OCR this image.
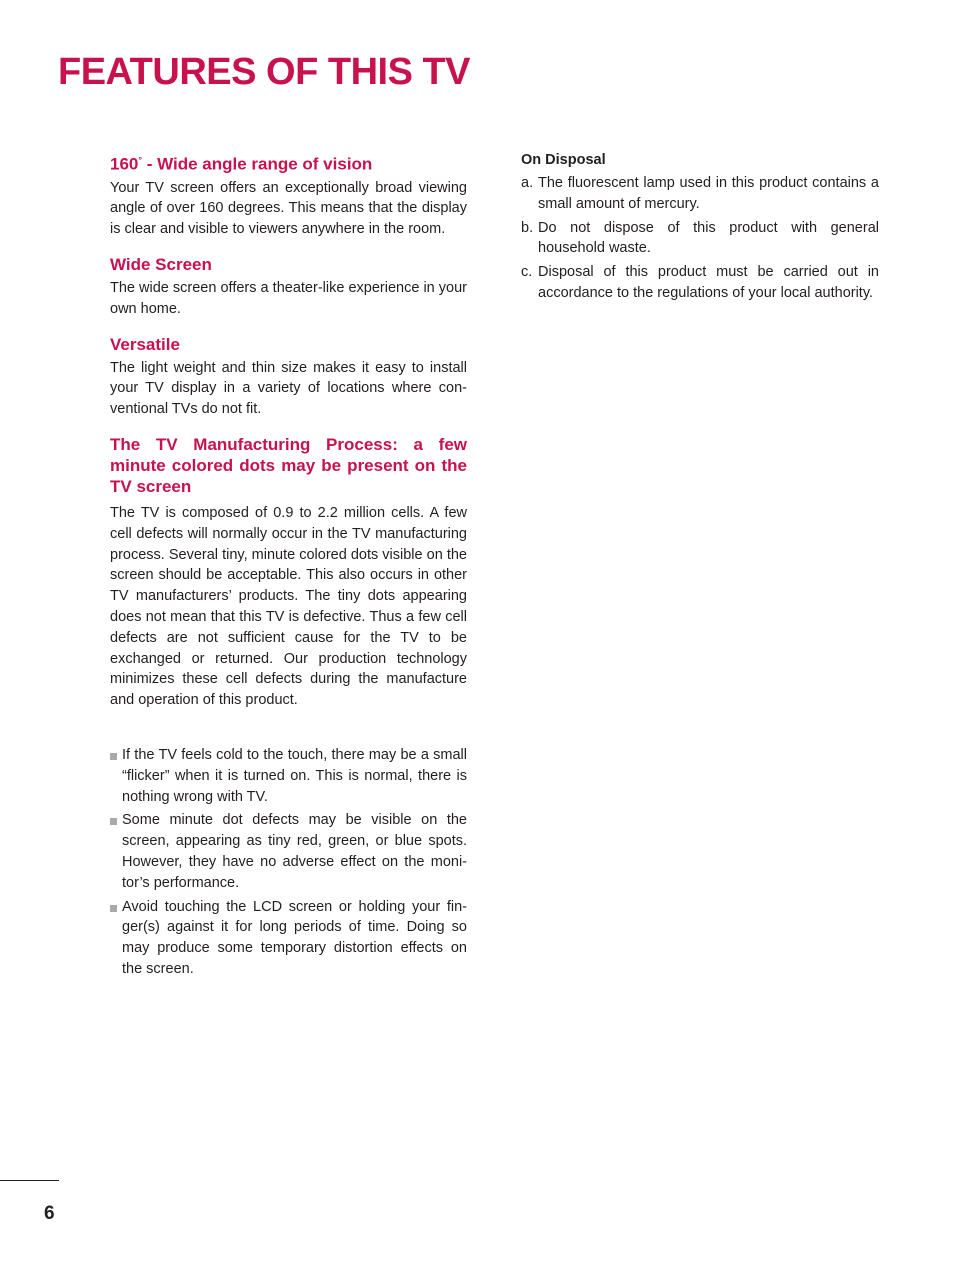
FEATURES OF THIS TV
160° - Wide angle range of vision

Your TV screen offers an exceptionally broad viewing angle of over 160 degrees. This means that the display is clear and visible to viewers anywhere in the room.

Wide Screen

The wide screen offers a theater-like experience in your own home.

Versatile

The light weight and thin size makes it easy to install your TV display in a variety of locations where con-ventional TVs do not fit.

The TV Manufacturing Process: a few minute colored dots may be present on the TV screen

The TV is composed of 0.9 to 2.2 million cells. A few cell defects will normally occur in the TV manufacturing process. Several tiny, minute colored dots visible on the screen should be acceptable. This also occurs in other TV manufacturers’ products. The tiny dots appearing does not mean that this TV is defective. Thus a few cell defects are not sufficient cause for the TV to be exchanged or returned. Our production technology minimizes these cell defects during the manufacture and operation of this product.

If the TV feels cold to the touch, there may be a small “flicker” when it is turned on. This is normal, there is nothing wrong with TV.
Some minute dot defects may be visible on the screen, appearing as tiny red, green, or blue spots. However, they have no adverse effect on the moni-tor’s performance.
Avoid touching the LCD screen or holding your fin-ger(s) against it for long periods of time. Doing so may produce some temporary distortion effects on the screen.
On Disposal
a. The fluorescent lamp used in this product contains a small amount of mercury.
b. Do not dispose of this product with general household waste.
c. Disposal of this product must be carried out in accordance to the regulations of your local authority.
6
